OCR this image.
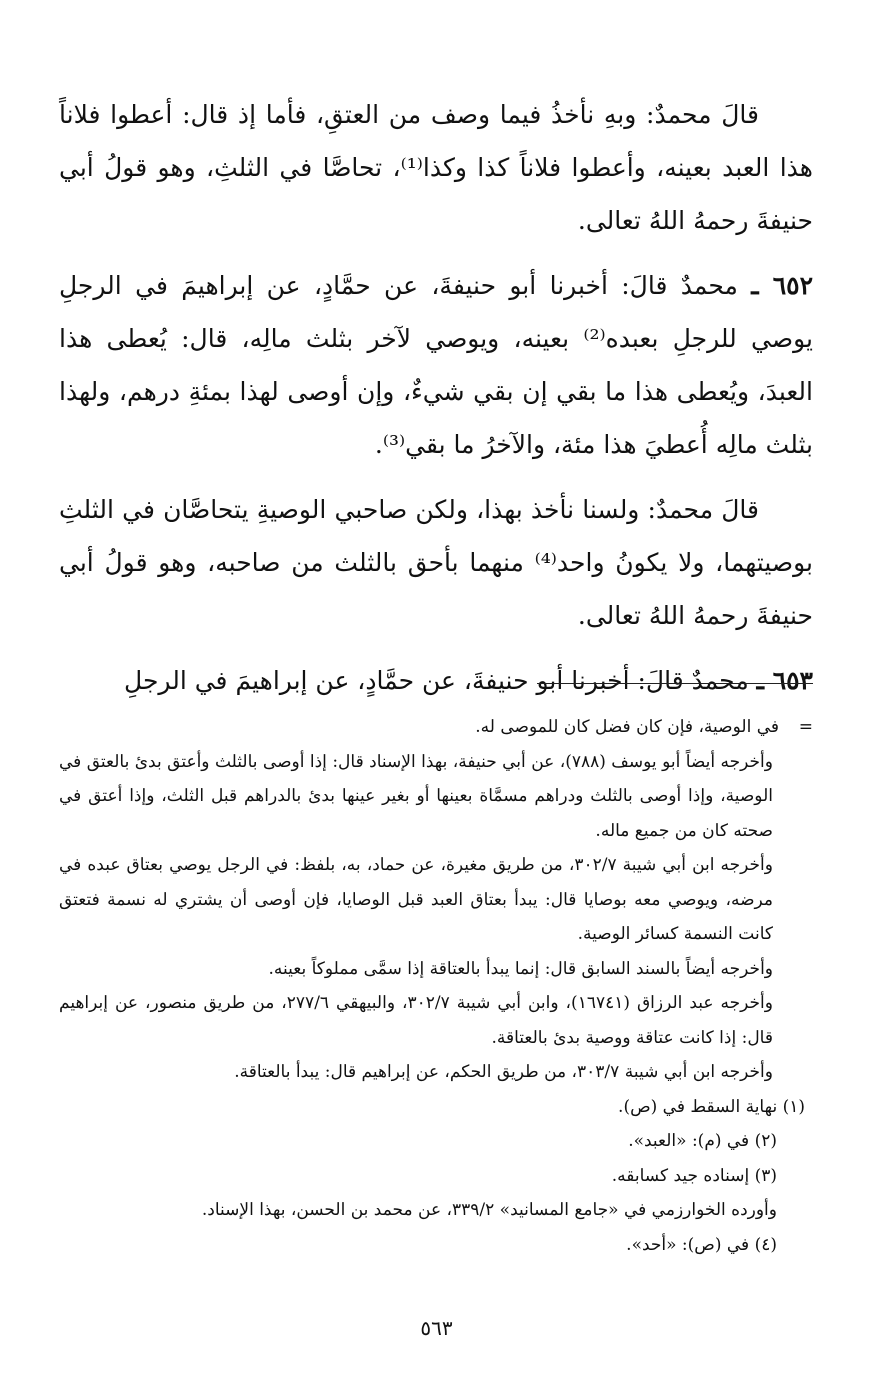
قالَ محمدٌ: وبهِ نأخذُ فيما وصف من العتقِ، فأما إذ قال: أعطوا فلاناً هذا العبد بعينه، وأعطوا فلاناً كذا وكذا⁽¹⁾، تحاصَّا في الثلثِ، وهو قولُ أبي حنيفةَ رحمهُ اللهُ تعالى.

٦٥٢ ـ محمدٌ قالَ: أخبرنا أبو حنيفةَ، عن حمَّادٍ، عن إبراهيمَ في الرجلِ يوصي للرجلِ بعبده⁽²⁾ بعينه، ويوصي لآخر بثلث مالِه، قال: يُعطى هذا العبدَ، ويُعطى هذا ما بقي إن بقي شيءٌ، وإن أوصى لهذا بمئةِ درهم، ولهذا بثلث مالِه أُعطيَ هذا مئة، والآخرُ ما بقي⁽³⁾.

قالَ محمدٌ: ولسنا نأخذ بهذا، ولكن صاحبي الوصيةِ يتحاصَّان في الثلثِ بوصيتهما، ولا يكونُ واحد⁽⁴⁾ منهما بأحق بالثلث من صاحبه، وهو قولُ أبي حنيفةَ رحمهُ اللهُ تعالى.

٦٥٣ ـ محمدٌ قالَ: أخبرنا أبو حنيفةَ، عن حمَّادٍ، عن إبراهيمَ في الرجلِ

=في الوصية، فإن كان فضل كان للموصى له.

وأخرجه أيضاً أبو يوسف (٧٨٨)، عن أبي حنيفة، بهذا الإسناد قال: إذا أوصى بالثلث وأعتق بدئ بالعتق في الوصية، وإذا أوصى بالثلث ودراهم مسمَّاة بعينها أو بغير عينها بدئ بالدراهم قبل الثلث، وإذا أعتق في صحته كان من جميع ماله.

وأخرجه ابن أبي شيبة ٣٠٢/٧، من طريق مغيرة، عن حماد، به، بلفظ: في الرجل يوصي بعتاق عبده في مرضه، ويوصي معه بوصايا قال: يبدأ بعتاق العبد قبل الوصايا، فإن أوصى أن يشتري له نسمة فتعتق كانت النسمة كسائر الوصية.

وأخرجه أيضاً بالسند السابق قال: إنما يبدأ بالعتاقة إذا سمَّى مملوكاً بعينه.

وأخرجه عبد الرزاق (١٦٧٤١)، وابن أبي شيبة ٣٠٢/٧، والبيهقي ٢٧٧/٦، من طريق منصور، عن إبراهيم قال: إذا كانت عتاقة ووصية بدئ بالعتاقة.

وأخرجه ابن أبي شيبة ٣٠٣/٧، من طريق الحكم، عن إبراهيم قال: يبدأ بالعتاقة.

(١) نهاية السقط في (ص).

(٢) في (م): «العبد».

(٣) إسناده جيد كسابقه.

وأورده الخوارزمي في «جامع المسانيد» ٣٣٩/٢، عن محمد بن الحسن، بهذا الإسناد.

(٤) في (ص): «أحد».

٥٦٣
